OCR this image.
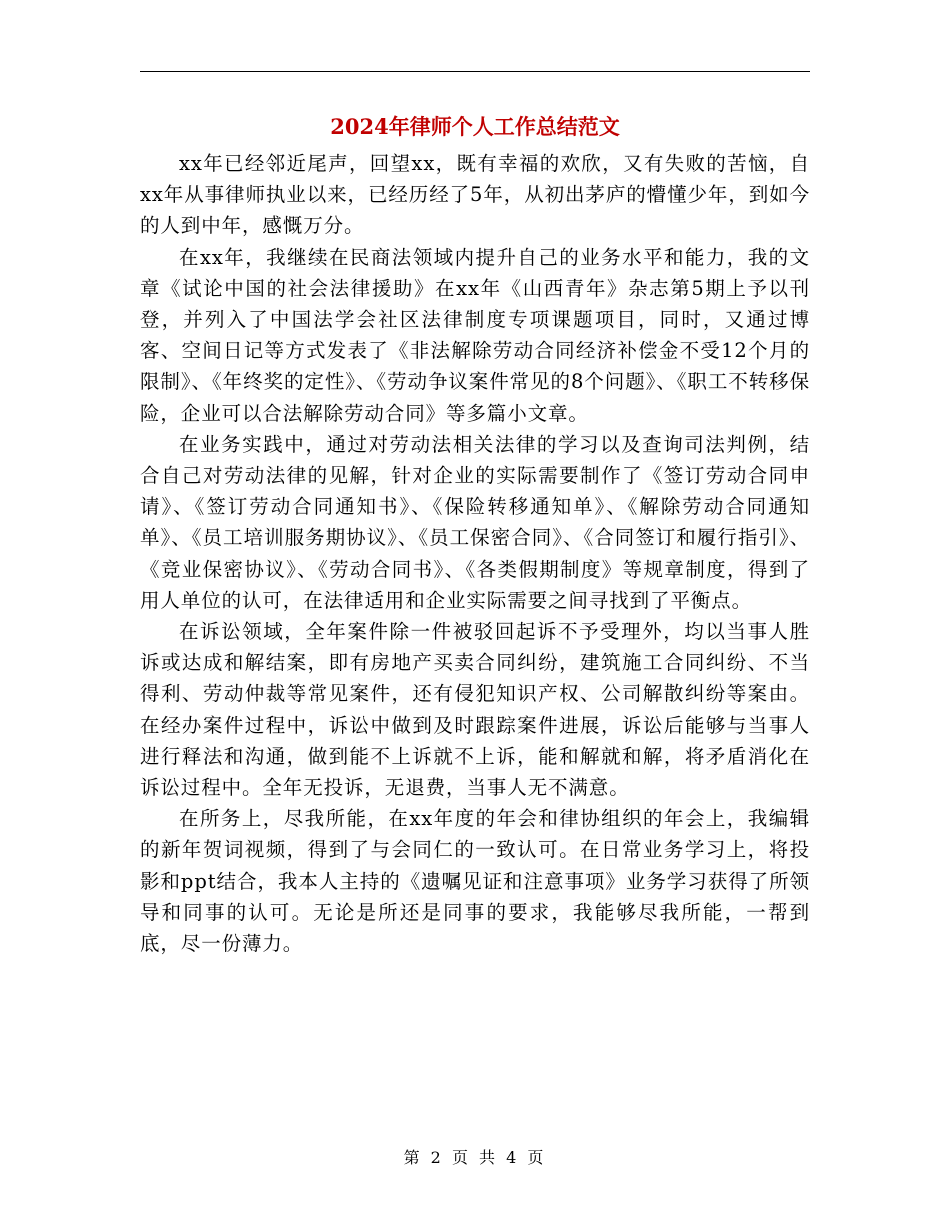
2024年律师个人工作总结范文

xx年已经邻近尾声，回望xx，既有幸福的欢欣，又有失败的苦恼，自xx年从事律师执业以来，已经历经了5年，从初出茅庐的懵懂少年，到如今的人到中年，感慨万分。

在xx年，我继续在民商法领域内提升自己的业务水平和能力，我的文章《试论中国的社会法律援助》在xx年《山西青年》杂志第5期上予以刊登，并列入了中国法学会社区法律制度专项课题项目，同时，又通过博客、空间日记等方式发表了《非法解除劳动合同经济补偿金不受12个月的限制》、《年终奖的定性》、《劳动争议案件常见的8个问题》、《职工不转移保险，企业可以合法解除劳动合同》等多篇小文章。

在业务实践中，通过对劳动法相关法律的学习以及查询司法判例，结合自己对劳动法律的见解，针对企业的实际需要制作了《签订劳动合同申请》、《签订劳动合同通知书》、《保险转移通知单》、《解除劳动合同通知单》、《员工培训服务期协议》、《员工保密合同》、《合同签订和履行指引》、《竞业保密协议》、《劳动合同书》、《各类假期制度》等规章制度，得到了用人单位的认可，在法律适用和企业实际需要之间寻找到了平衡点。

在诉讼领域，全年案件除一件被驳回起诉不予受理外，均以当事人胜诉或达成和解结案，即有房地产买卖合同纠纷，建筑施工合同纠纷、不当得利、劳动仲裁等常见案件，还有侵犯知识产权、公司解散纠纷等案由。在经办案件过程中，诉讼中做到及时跟踪案件进展，诉讼后能够与当事人进行释法和沟通，做到能不上诉就不上诉，能和解就和解，将矛盾消化在诉讼过程中。全年无投诉，无退费，当事人无不满意。

在所务上，尽我所能，在xx年度的年会和律协组织的年会上，我编辑的新年贺词视频，得到了与会同仁的一致认可。在日常业务学习上，将投影和ppt结合，我本人主持的《遗嘱见证和注意事项》业务学习获得了所领导和同事的认可。无论是所还是同事的要求，我能够尽我所能，一帮到底，尽一份薄力。

第 2 页 共 4 页
